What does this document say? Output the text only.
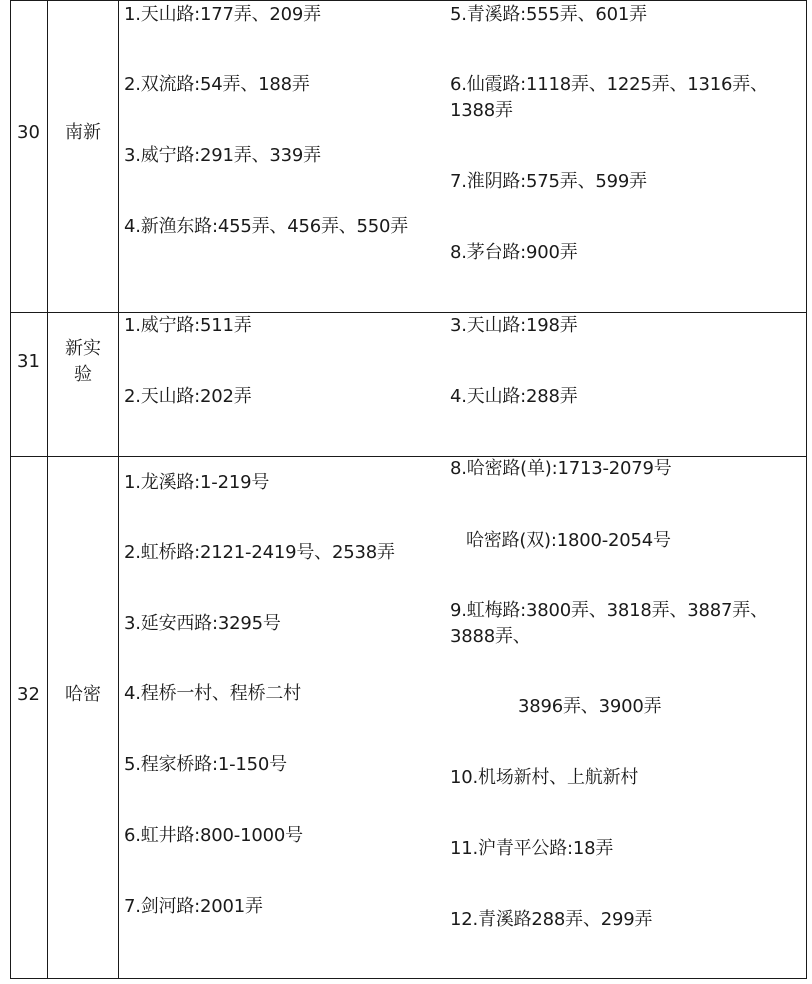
30	南新
1.天山路:177弄、209弄
2.双流路:54弄、188弄
3.威宁路:291弄、339弄
4.新渔东路:455弄、456弄、550弄
5.青溪路:555弄、601弄
6.仙霞路:1118弄、1225弄、1316弄、1388弄
7.淮阴路:575弄、599弄
8.茅台路:900弄
31
新实验
1.威宁路:511弄
2.天山路:202弄
3.天山路:198弄
4.天山路:288弄
32	哈密
1.龙溪路:1-219号
2.虹桥路:2121-2419号、2538弄
3.延安西路:3295号
4.程桥一村、程桥二村
5.程家桥路:1-150号
6.虹井路:800-1000号
7.剑河路:2001弄
8.哈密路(单):1713-2079号
哈密路(双):1800-2054号
9.虹梅路:3800弄、3818弄、3887弄、3888弄、
3896弄、3900弄
10.机场新村、上航新村
11.沪青平公路:18弄
12.青溪路288弄、299弄
